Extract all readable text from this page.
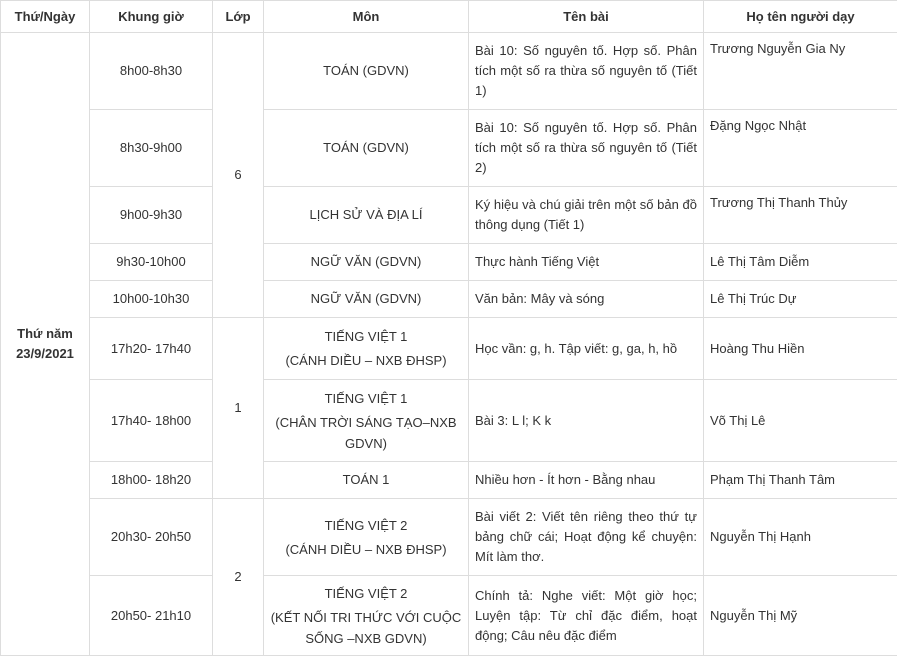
Thứ/Ngày	Khung giờ	Lớp	Môn	Tên bài	Họ tên người dạy

Thứ năm
23/9/2021	8h00-8h30	6	TOÁN (GDVN)	Bài 10: Số nguyên tố. Hợp số. Phân tích một số ra thừa số nguyên tố (Tiết 1)	Trương Nguyễn Gia Ny
	8h30-9h00		TOÁN (GDVN)	Bài 10: Số nguyên tố. Hợp số. Phân tích một số ra thừa số nguyên tố (Tiết 2)	Đặng Ngọc Nhật
	9h00-9h30		LỊCH SỬ VÀ ĐỊA LÍ	Ký hiệu và chú giải trên một số bản đồ thông dụng (Tiết 1)	Trương Thị Thanh Thủy
	9h30-10h00		NGỮ VĂN (GDVN)	Thực hành Tiếng Việt	Lê Thị Tâm Diễm
	10h00-10h30		NGỮ VĂN (GDVN)	Văn bản: Mây và sóng	Lê Thị Trúc Dự
	17h20- 17h40	1	TIẾNG VIỆT 1
(CÁNH DIỀU – NXB ĐHSP)	Học vần: g, h. Tập viết: g, ga, h, hồ	Hoàng Thu Hiền
	17h40- 18h00		TIẾNG VIỆT 1
(CHÂN TRỜI SÁNG TẠO–NXB GDVN)	Bài 3: L l; K k	Võ Thị Lê
	18h00- 18h20		TOÁN 1	Nhiều hơn - Ít hơn - Bằng nhau	Phạm Thị Thanh Tâm
	20h30- 20h50	2	TIẾNG VIỆT 2
(CÁNH DIỀU – NXB ĐHSP)	Bài viết 2: Viết tên riêng theo thứ tự bảng chữ cái; Hoạt động kể chuyện: Mít làm thơ.	Nguyễn Thị Hạnh
	20h50- 21h10		TIẾNG VIỆT 2
(KẾT NỐI TRI THỨC VỚI CUỘC SỐNG –NXB GDVN)	Chính tả: Nghe viết: Một giờ học; Luyện tập: Từ chỉ đặc điểm, hoạt động; Câu nêu đặc điểm	Nguyễn Thị Mỹ
